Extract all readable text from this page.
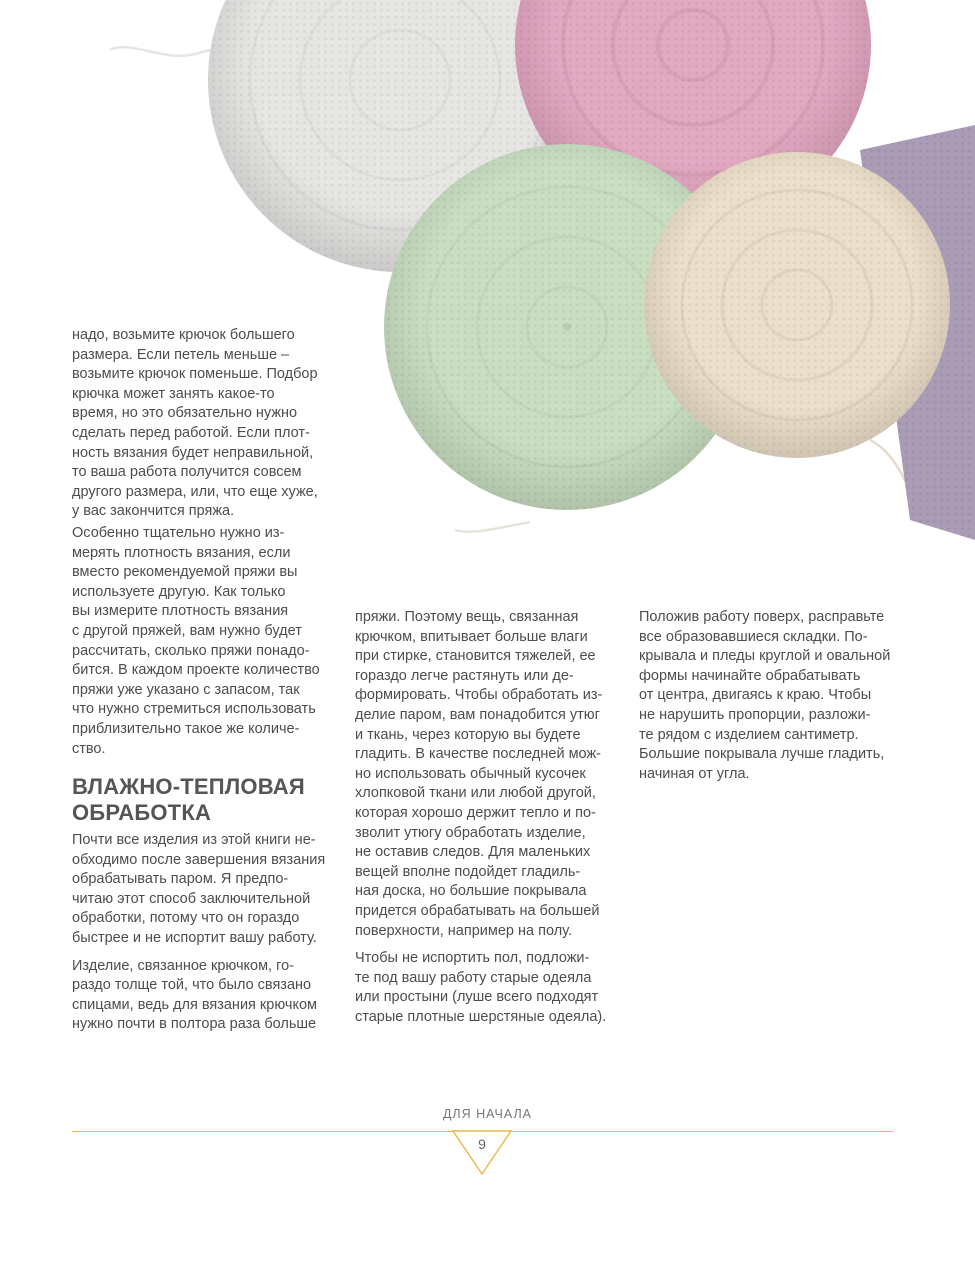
надо, возьмите крючок большего
размера. Если петель меньше –
возьмите крючок поменьше. Подбор
крючка может занять какое-то
время, но это обязательно нужно
сделать перед работой. Если плот-
ность вязания будет неправильной,
то ваша работа получится совсем
другого размера, или, что еще хуже,
у вас закончится пряжа.

Особенно тщательно нужно из-
мерять плотность вязания, если
вместо рекомендуемой пряжи вы
используете другую. Как только
вы измерите плотность вязания
с другой пряжей, вам нужно будет
рассчитать, сколько пряжи понадо-
бится. В каждом проекте количество
пряжи уже указано с запасом, так
что нужно стремиться использовать
приблизительно такое же количе-
ство.

ВЛАЖНО-ТЕПЛОВАЯ
ОБРАБОТКА

Почти все изделия из этой книги не-
обходимо после завершения вязания
обрабатывать паром. Я предпо-
читаю этот способ заключительной
обработки, потому что он гораздо
быстрее и не испортит вашу работу.

Изделие, связанное крючком, го-
раздо толще той, что было связано
спицами, ведь для вязания крючком
нужно почти в полтора раза больше

пряжи. Поэтому вещь, связанная
крючком, впитывает больше влаги
при стирке, становится тяжелей, ее
гораздо легче растянуть или де-
формировать. Чтобы обработать из-
делие паром, вам понадобится утюг
и ткань, через которую вы будете
гладить. В качестве последней мож-
но использовать обычный кусочек
хлопковой ткани или любой другой,
которая хорошо держит тепло и по-
зволит утюгу обработать изделие,
не оставив следов. Для маленьких
вещей вполне подойдет гладиль-
ная доска, но большие покрывала
придется обрабатывать на большей
поверхности, например на полу.

Чтобы не испортить пол, подложи-
те под вашу работу старые одеяла
или простыни (луше всего подходят
старые плотные шерстяные одеяла).

Положив работу поверх, расправьте
все образовавшиеся складки. По-
крывала и пледы круглой и овальной
формы начинайте обрабатывать
от центра, двигаясь к краю. Чтобы
не нарушить пропорции, разложи-
те рядом с изделием сантиметр.
Большие покрывала лучше гладить,
начиная от угла.

ДЛЯ НАЧАЛА
9
